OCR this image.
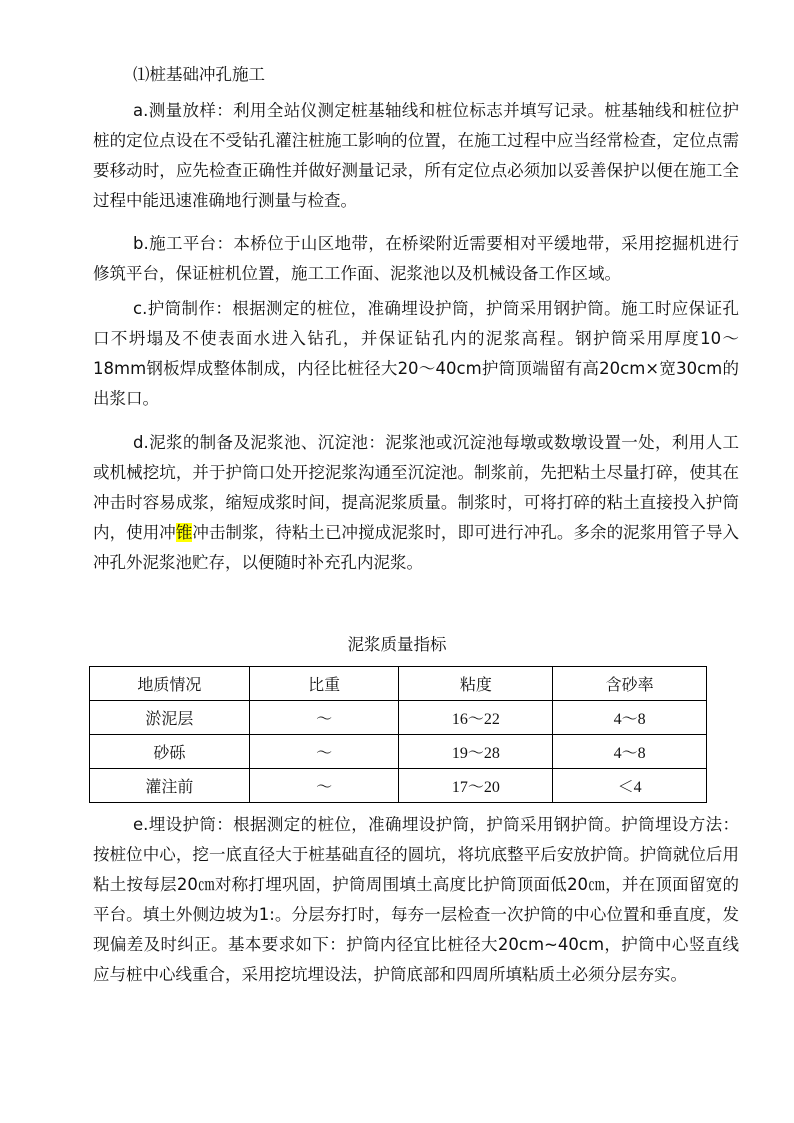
⑴桩基础冲孔施工

a.测量放样：利用全站仪测定桩基轴线和桩位标志并填写记录。桩基轴线和桩位护桩的定位点设在不受钻孔灌注桩施工影响的位置，在施工过程中应当经常检查，定位点需要移动时，应先检查正确性并做好测量记录，所有定位点必须加以妥善保护以便在施工全过程中能迅速准确地行测量与检查。

b.施工平台：本桥位于山区地带，在桥梁附近需要相对平缓地带，采用挖掘机进行修筑平台，保证桩机位置，施工工作面、泥浆池以及机械设备工作区域。

c.护筒制作：根据测定的桩位，准确埋设护筒，护筒采用钢护筒。施工时应保证孔口不坍塌及不使表面水进入钻孔，并保证钻孔内的泥浆高程。钢护筒采用厚度10～18mm钢板焊成整体制成，内径比桩径大20～40cm护筒顶端留有高20cm×宽30cm的出浆口。

d.泥浆的制备及泥浆池、沉淀池：泥浆池或沉淀池每墩或数墩设置一处，利用人工或机械挖坑，并于护筒口处开挖泥浆沟通至沉淀池。制浆前，先把粘土尽量打碎，使其在冲击时容易成浆，缩短成浆时间，提高泥浆质量。制浆时，可将打碎的粘土直接投入护筒内，使用冲锥冲击制浆，待粘土已冲搅成泥浆时，即可进行冲孔。多余的泥浆用管子导入冲孔外泥浆池贮存，以便随时补充孔内泥浆。

泥浆质量指标
地质情况	比重	粘度	含砂率
淤泥层	～	16～22	4～8
砂砾	～	19～28	4～8
灌注前	～	17～20	＜4

e.埋设护筒：根据测定的桩位，准确埋设护筒，护筒采用钢护筒。护筒埋设方法：按桩位中心，挖一底直径大于桩基础直径的圆坑，将坑底整平后安放护筒。护筒就位后用粘土按每层20㎝对称打埋巩固，护筒周围填土高度比护筒顶面低20㎝，并在顶面留宽的平台。填土外侧边坡为1:。分层夯打时，每夯一层检查一次护筒的中心位置和垂直度，发现偏差及时纠正。基本要求如下：护筒内径宜比桩径大20cm~40cm，护筒中心竖直线应与桩中心线重合，采用挖坑埋设法，护筒底部和四周所填粘质土必须分层夯实。
